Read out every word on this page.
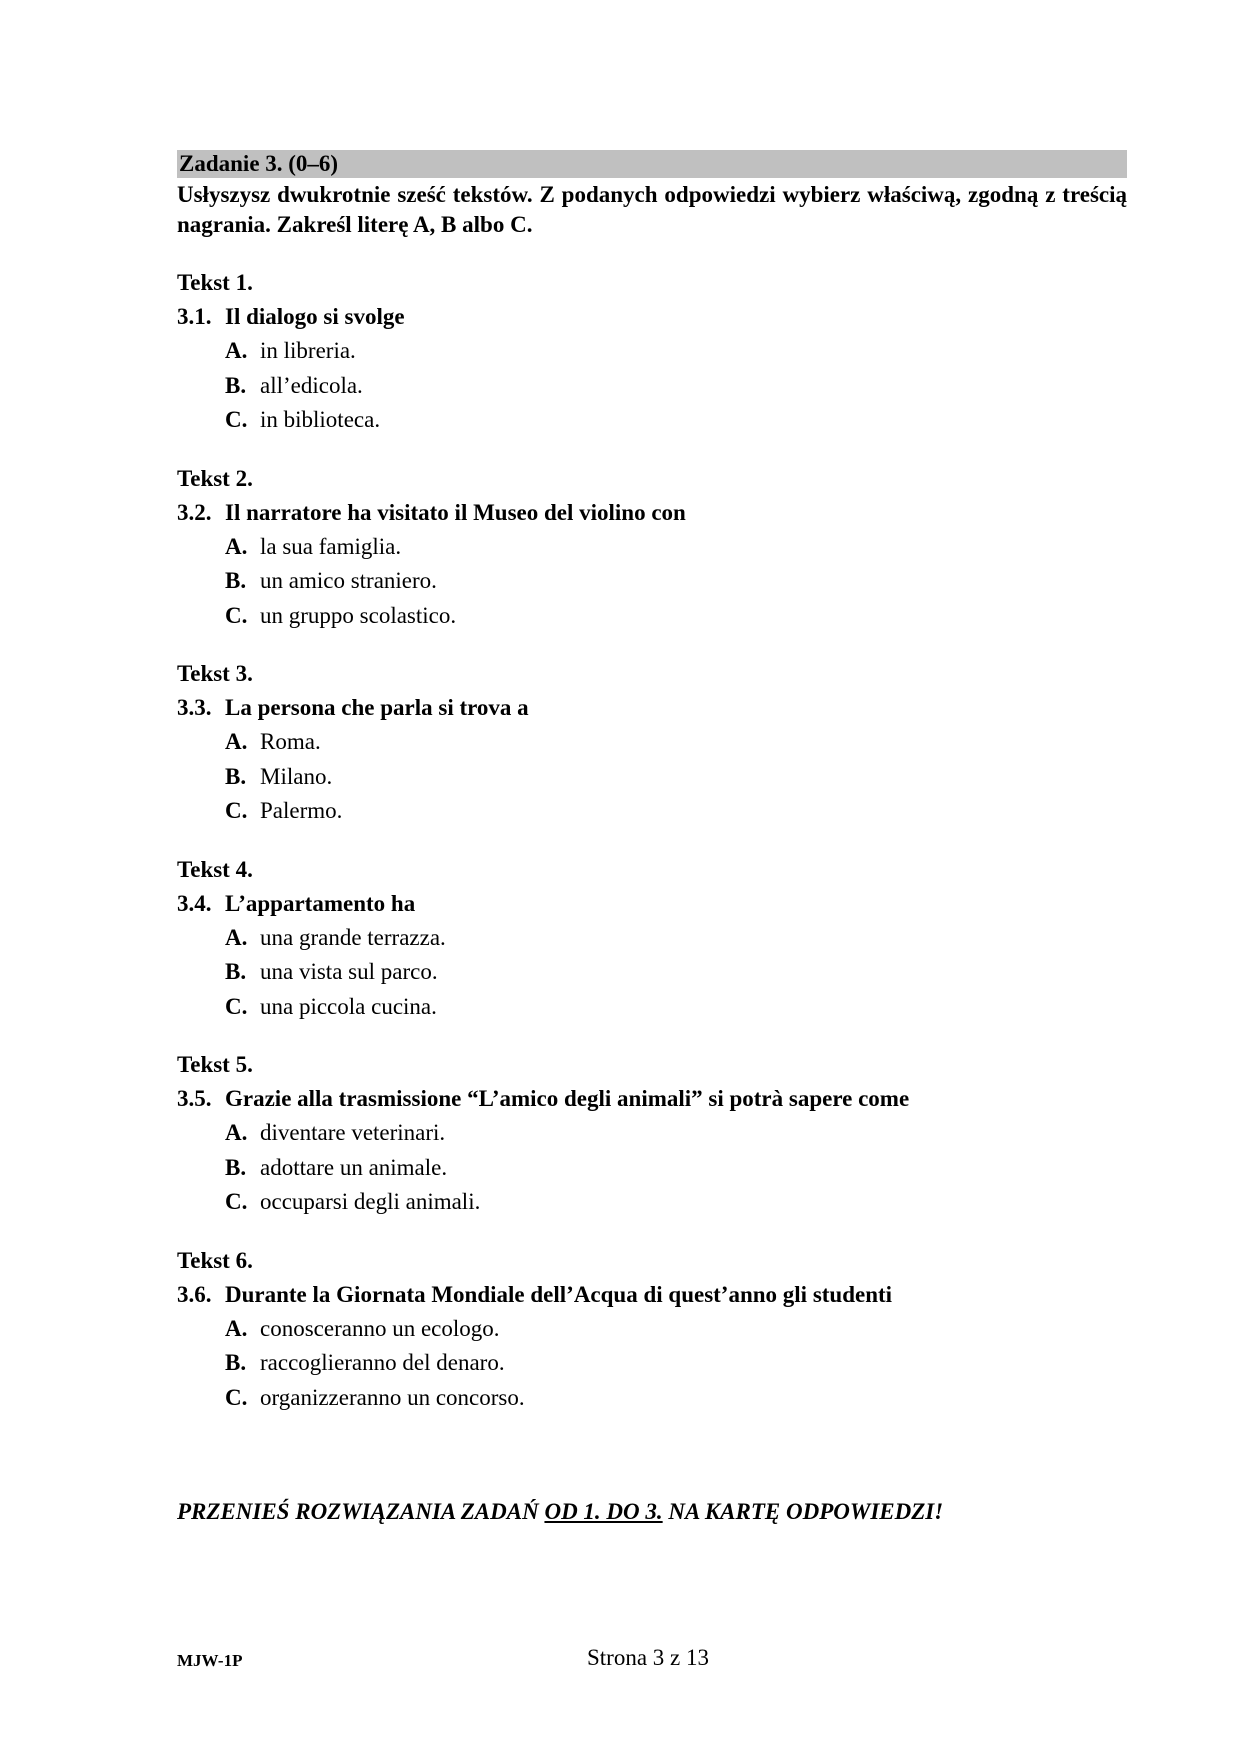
Zadanie 3. (0–6)
Usłyszysz dwukrotnie sześć tekstów. Z podanych odpowiedzi wybierz właściwą, zgodną z treścią nagrania. Zakreśl literę A, B albo C.
Tekst 1.
3.1. Il dialogo si svolge
A. in libreria.
B. all’edicola.
C. in biblioteca.
Tekst 2.
3.2. Il narratore ha visitato il Museo del violino con
A. la sua famiglia.
B. un amico straniero.
C. un gruppo scolastico.
Tekst 3.
3.3. La persona che parla si trova a
A. Roma.
B. Milano.
C. Palermo.
Tekst 4.
3.4. L’appartamento ha
A. una grande terrazza.
B. una vista sul parco.
C. una piccola cucina.
Tekst 5.
3.5. Grazie alla trasmissione “L’amico degli animali” si potrà sapere come
A. diventare veterinari.
B. adottare un animale.
C. occuparsi degli animali.
Tekst 6.
3.6. Durante la Giornata Mondiale dell’Acqua di quest’anno gli studenti
A. conosceranno un ecologo.
B. raccoglieranno del denaro.
C. organizzeranno un concorso.
PRZENIEŚ ROZWIĄZANIA ZADAŃ OD 1. DO 3. NA KARTĘ ODPOWIEDZI!
MJW-1P	Strona 3 z 13
